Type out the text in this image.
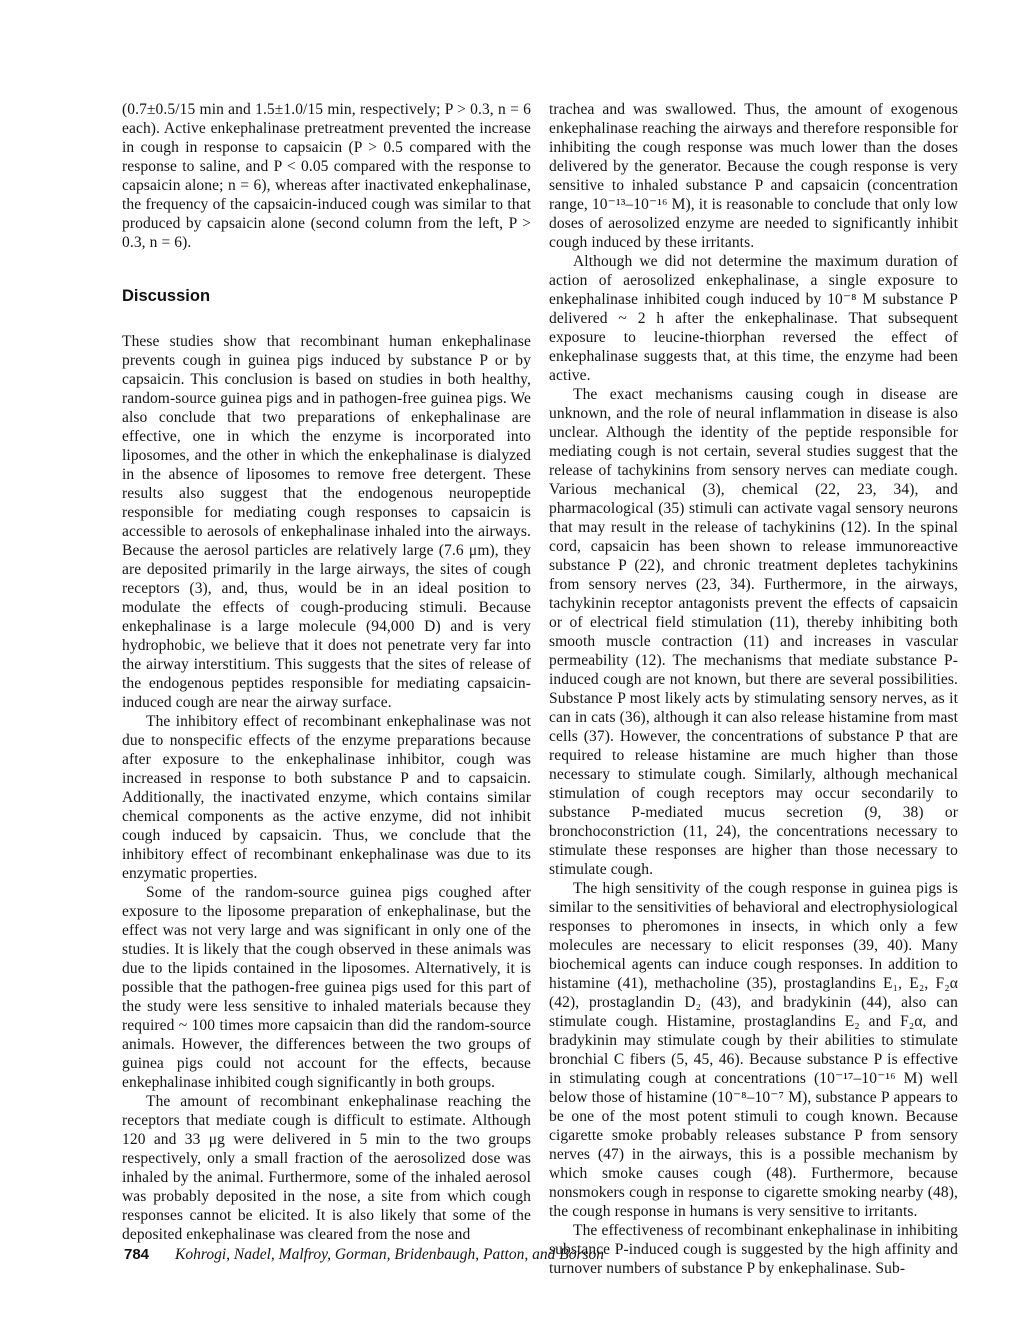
(0.7±0.5/15 min and 1.5±1.0/15 min, respectively; P > 0.3, n = 6 each). Active enkephalinase pretreatment prevented the increase in cough in response to capsaicin (P > 0.5 compared with the response to saline, and P < 0.05 compared with the response to capsaicin alone; n = 6), whereas after inactivated enkephalinase, the frequency of the capsaicin-induced cough was similar to that produced by capsaicin alone (second column from the left, P > 0.3, n = 6).

Discussion

These studies show that recombinant human enkephalinase prevents cough in guinea pigs induced by substance P or by capsaicin. This conclusion is based on studies in both healthy, random-source guinea pigs and in pathogen-free guinea pigs. We also conclude that two preparations of enkephalinase are effective, one in which the enzyme is incorporated into liposomes, and the other in which the enkephalinase is dialyzed in the absence of liposomes to remove free detergent. These results also suggest that the endogenous neuropeptide responsible for mediating cough responses to capsaicin is accessible to aerosols of enkephalinase inhaled into the airways. Because the aerosol particles are relatively large (7.6 μm), they are deposited primarily in the large airways, the sites of cough receptors (3), and, thus, would be in an ideal position to modulate the effects of cough-producing stimuli. Because enkephalinase is a large molecule (94,000 D) and is very hydrophobic, we believe that it does not penetrate very far into the airway interstitium. This suggests that the sites of release of the endogenous peptides responsible for mediating capsaicin-induced cough are near the airway surface.

The inhibitory effect of recombinant enkephalinase was not due to nonspecific effects of the enzyme preparations because after exposure to the enkephalinase inhibitor, cough was increased in response to both substance P and to capsaicin. Additionally, the inactivated enzyme, which contains similar chemical components as the active enzyme, did not inhibit cough induced by capsaicin. Thus, we conclude that the inhibitory effect of recombinant enkephalinase was due to its enzymatic properties.

Some of the random-source guinea pigs coughed after exposure to the liposome preparation of enkephalinase, but the effect was not very large and was significant in only one of the studies. It is likely that the cough observed in these animals was due to the lipids contained in the liposomes. Alternatively, it is possible that the pathogen-free guinea pigs used for this part of the study were less sensitive to inhaled materials because they required ~ 100 times more capsaicin than did the random-source animals. However, the differences between the two groups of guinea pigs could not account for the effects, because enkephalinase inhibited cough significantly in both groups.

The amount of recombinant enkephalinase reaching the receptors that mediate cough is difficult to estimate. Although 120 and 33 μg were delivered in 5 min to the two groups respectively, only a small fraction of the aerosolized dose was inhaled by the animal. Furthermore, some of the inhaled aerosol was probably deposited in the nose, a site from which cough responses cannot be elicited. It is also likely that some of the deposited enkephalinase was cleared from the nose and

trachea and was swallowed. Thus, the amount of exogenous enkephalinase reaching the airways and therefore responsible for inhibiting the cough response was much lower than the doses delivered by the generator. Because the cough response is very sensitive to inhaled substance P and capsaicin (concentration range, 10⁻¹³–10⁻¹⁶ M), it is reasonable to conclude that only low doses of aerosolized enzyme are needed to significantly inhibit cough induced by these irritants.

Although we did not determine the maximum duration of action of aerosolized enkephalinase, a single exposure to enkephalinase inhibited cough induced by 10⁻⁸ M substance P delivered ~ 2 h after the enkephalinase. That subsequent exposure to leucine-thiorphan reversed the effect of enkephalinase suggests that, at this time, the enzyme had been active.

The exact mechanisms causing cough in disease are unknown, and the role of neural inflammation in disease is also unclear. Although the identity of the peptide responsible for mediating cough is not certain, several studies suggest that the release of tachykinins from sensory nerves can mediate cough. Various mechanical (3), chemical (22, 23, 34), and pharmacological (35) stimuli can activate vagal sensory neurons that may result in the release of tachykinins (12). In the spinal cord, capsaicin has been shown to release immunoreactive substance P (22), and chronic treatment depletes tachykinins from sensory nerves (23, 34). Furthermore, in the airways, tachykinin receptor antagonists prevent the effects of capsaicin or of electrical field stimulation (11), thereby inhibiting both smooth muscle contraction (11) and increases in vascular permeability (12). The mechanisms that mediate substance P-induced cough are not known, but there are several possibilities. Substance P most likely acts by stimulating sensory nerves, as it can in cats (36), although it can also release histamine from mast cells (37). However, the concentrations of substance P that are required to release histamine are much higher than those necessary to stimulate cough. Similarly, although mechanical stimulation of cough receptors may occur secondarily to substance P-mediated mucus secretion (9, 38) or bronchoconstriction (11, 24), the concentrations necessary to stimulate these responses are higher than those necessary to stimulate cough.

The high sensitivity of the cough response in guinea pigs is similar to the sensitivities of behavioral and electrophysiological responses to pheromones in insects, in which only a few molecules are necessary to elicit responses (39, 40). Many biochemical agents can induce cough responses. In addition to histamine (41), methacholine (35), prostaglandins E₁, E₂, F₂α (42), prostaglandin D₂ (43), and bradykinin (44), also can stimulate cough. Histamine, prostaglandins E₂ and F₂α, and bradykinin may stimulate cough by their abilities to stimulate bronchial C fibers (5, 45, 46). Because substance P is effective in stimulating cough at concentrations (10⁻¹⁷–10⁻¹⁶ M) well below those of histamine (10⁻⁸–10⁻⁷ M), substance P appears to be one of the most potent stimuli to cough known. Because cigarette smoke probably releases substance P from sensory nerves (47) in the airways, this is a possible mechanism by which smoke causes cough (48). Furthermore, because nonsmokers cough in response to cigarette smoking nearby (48), the cough response in humans is very sensitive to irritants.

The effectiveness of recombinant enkephalinase in inhibiting substance P-induced cough is suggested by the high affinity and turnover numbers of substance P by enkephalinase. Sub-

784 Kohrogi, Nadel, Malfroy, Gorman, Bridenbaugh, Patton, and Borson
